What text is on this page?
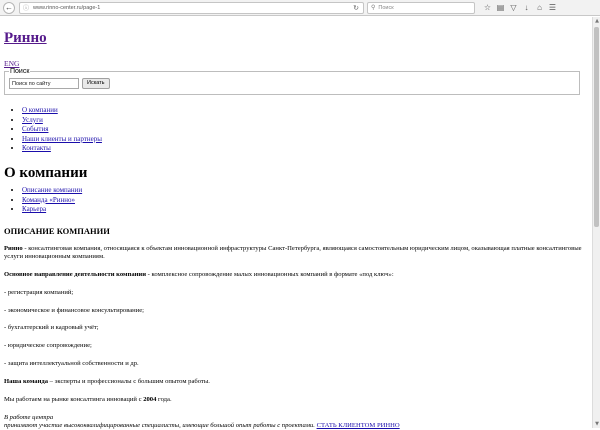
←	ⓘ www.rinno-center.ru/page-1	↻ ⚲ Поиск	☆ ▤ ▽ ↓	⌂ ☰
Ринно
ENG
Поиск
Поиск по сайту
Искать
• О компании
• Услуги
• События
• Наши клиенты и партнеры
• Контакты
О компании
• Описание компании
• Команда «Ринно»
• Карьера
ОПИСАНИЕ КОМПАНИИ

Ринно - консалтинговая компания, относящаяся к объектам инновационной инфраструктуры Санкт-Петербурга, являющаяся самостоятельным юридическим лицом, оказывающая платные консалтинговые услуги инновационным компаниям.

Основное направление деятельности компании - комплексное сопровождение малых инновационных компаний в формате «под ключ»:

- регистрация компаний;

- экономическое и финансовое консультирование;

- бухгалтерский и кадровый учёт;

- юридическое сопровождение;

- защита интеллектуальной собственности и др.

Наша команда – эксперты и профессионалы с большим опытом работы.

Мы работаем на рынке консалтинга инноваций с 2004 года.

В работе центра
принимают участие высококвалифицированные специалисты, имеющие большой опыт работы с проектами. СТАТЬ КЛИЕНТОМ РИННО

▲
▼
